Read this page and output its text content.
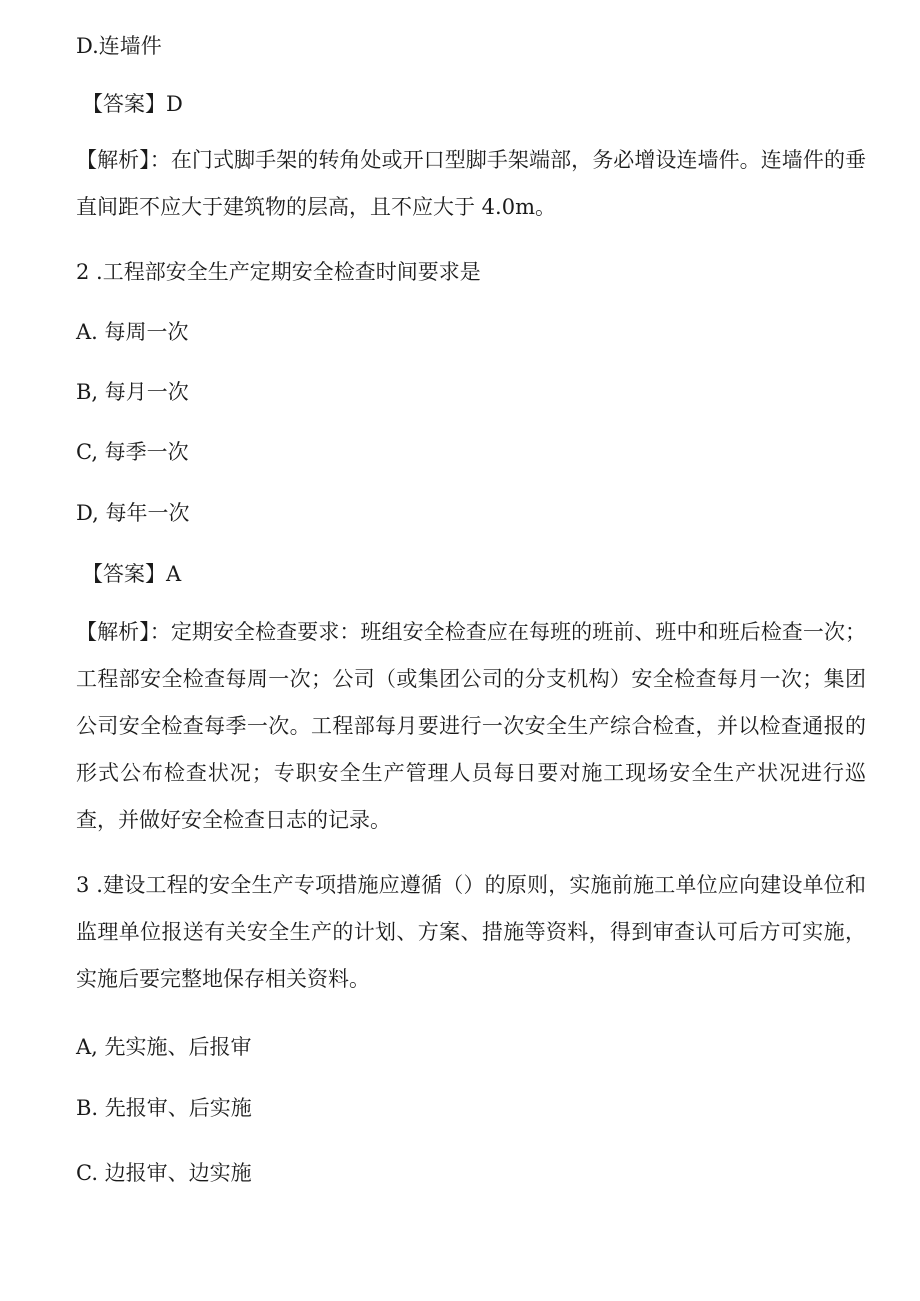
D.连墙件
【答案】D
【解析】：在门式脚手架的转角处或开口型脚手架端部，务必增设连墙件。连墙件的垂直间距不应大于建筑物的层高，且不应大于 4.0m。
2 .工程部安全生产定期安全检查时间要求是
A. 每周一次
B, 每月一次
C, 每季一次
D, 每年一次
【答案】A
【解析】：定期安全检查要求：班组安全检查应在每班的班前、班中和班后检查一次；工程部安全检查每周一次；公司（或集团公司的分支机构）安全检查每月一次；集团公司安全检查每季一次。工程部每月要进行一次安全生产综合检查，并以检查通报的形式公布检查状况；专职安全生产管理人员每日要对施工现场安全生产状况进行巡查，并做好安全检查日志的记录。
3 .建设工程的安全生产专项措施应遵循（）的原则，实施前施工单位应向建设单位和监理单位报送有关安全生产的计划、方案、措施等资料，得到审查认可后方可实施，实施后要完整地保存相关资料。
A, 先实施、后报审
B. 先报审、后实施
C. 边报审、边实施
